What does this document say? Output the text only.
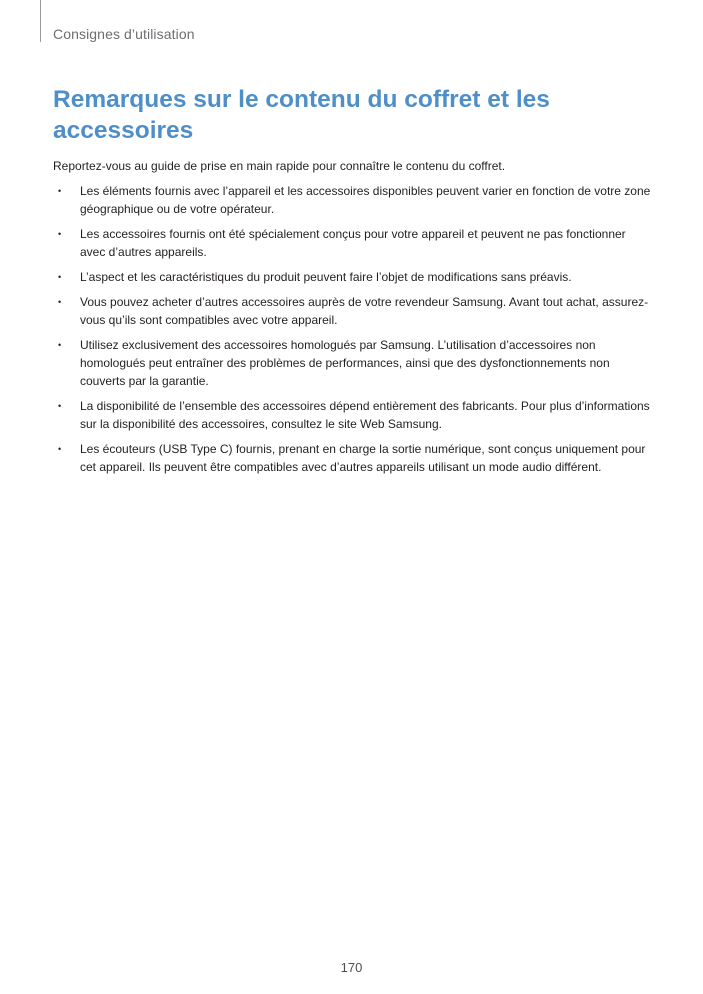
Consignes d’utilisation
Remarques sur le contenu du coffret et les accessoires

Reportez-vous au guide de prise en main rapide pour connaître le contenu du coffret.

• Les éléments fournis avec l’appareil et les accessoires disponibles peuvent varier en fonction de votre zone géographique ou de votre opérateur.
• Les accessoires fournis ont été spécialement conçus pour votre appareil et peuvent ne pas fonctionner avec d’autres appareils.
• L’aspect et les caractéristiques du produit peuvent faire l’objet de modifications sans préavis.
• Vous pouvez acheter d’autres accessoires auprès de votre revendeur Samsung. Avant tout achat, assurez-vous qu’ils sont compatibles avec votre appareil.
• Utilisez exclusivement des accessoires homologués par Samsung. L’utilisation d’accessoires non homologués peut entraîner des problèmes de performances, ainsi que des dysfonctionnements non couverts par la garantie.
• La disponibilité de l’ensemble des accessoires dépend entièrement des fabricants. Pour plus d’informations sur la disponibilité des accessoires, consultez le site Web Samsung.
• Les écouteurs (USB Type C) fournis, prenant en charge la sortie numérique, sont conçus uniquement pour cet appareil. Ils peuvent être compatibles avec d’autres appareils utilisant un mode audio différent.
170
